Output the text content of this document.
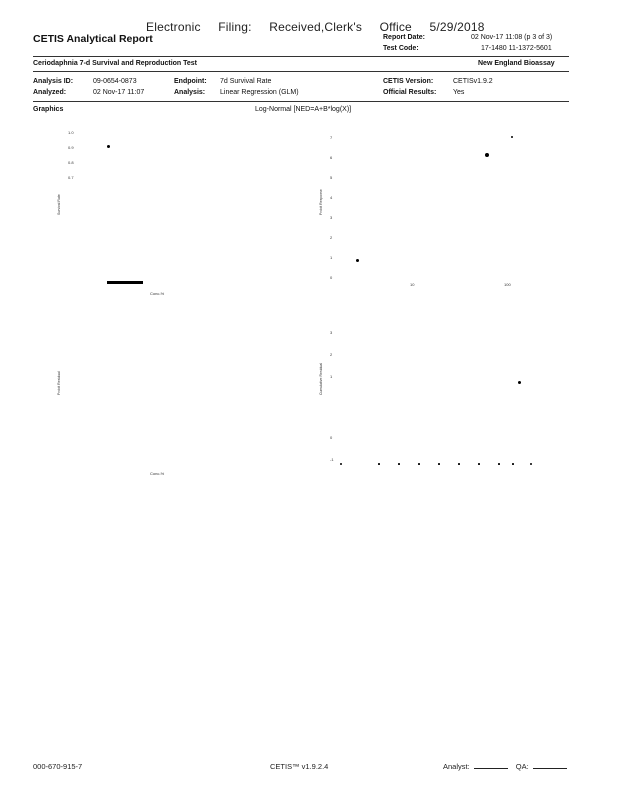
Electronic Filing: Received,Clerk's Office 5/29/2018
CETIS Analytical Report	Report Date:	02 Nov-17 11:08 (p 3 of 3)
Test Code:	17-1480 11-1372-5601
Ceriodaphnia 7-d Survival and Reproduction Test	New England Bioassay
Analysis ID:	09-0654-0873	Endpoint: 7d Survival Rate	CETIS Version:	CETISv1.9.2
Analyzed:	02 Nov-17 11:07	Analysis: Linear Regression (GLM)	Official Results: Yes
Graphics	Log-Normal [NED=A+B*log(X)]
1.0
0.9
0.8
0.7
Survival Rate
Conc-%
7
6
5
4
3
2
1
0
Probit Response
10	100
Probit Residual
Conc-%
3
2
1
0
-1
Cumulative Residual
000-670-915-7	CETIS™ v1.9.2.4	Analyst:	QA:
